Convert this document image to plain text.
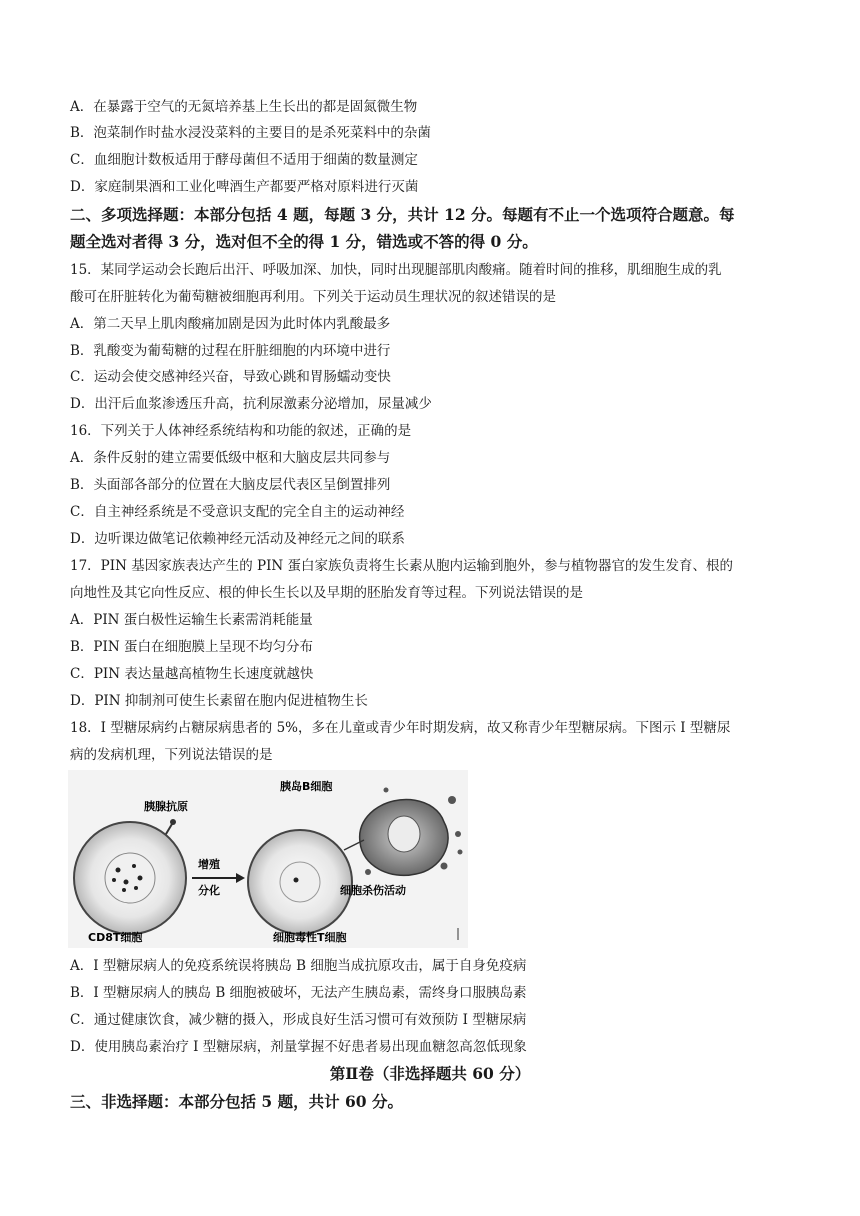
A．在暴露于空气的无氮培养基上生长出的都是固氮微生物
B．泡菜制作时盐水浸没菜料的主要目的是杀死菜料中的杂菌
C．血细胞计数板适用于酵母菌但不适用于细菌的数量测定
D．家庭制果酒和工业化啤酒生产都要严格对原料进行灭菌
二、多项选择题：本部分包括 4 题，每题 3 分，共计 12 分。每题有不止一个选项符合题意。每
题全选对者得 3 分，选对但不全的得 1 分，错选或不答的得 0 分。
15．某同学运动会长跑后出汗、呼吸加深、加快，同时出现腿部肌肉酸痛。随着时间的推移，肌细胞生成的乳
酸可在肝脏转化为葡萄糖被细胞再利用。下列关于运动员生理状况的叙述错误的是
A．第二天早上肌肉酸痛加剧是因为此时体内乳酸最多
B．乳酸变为葡萄糖的过程在肝脏细胞的内环境中进行
C．运动会使交感神经兴奋，导致心跳和胃肠蠕动变快
D．出汗后血浆渗透压升高，抗利尿激素分泌增加，尿量减少
16．下列关于人体神经系统结构和功能的叙述，正确的是
A．条件反射的建立需要低级中枢和大脑皮层共同参与
B．头面部各部分的位置在大脑皮层代表区呈倒置排列
C．自主神经系统是不受意识支配的完全自主的运动神经
D．边听课边做笔记依赖神经元活动及神经元之间的联系
17．PIN 基因家族表达产生的 PIN 蛋白家族负责将生长素从胞内运输到胞外，参与植物器官的发生发育、根的
向地性及其它向性反应、根的伸长生长以及早期的胚胎发育等过程。下列说法错误的是
A．PIN 蛋白极性运输生长素需消耗能量
B．PIN 蛋白在细胞膜上呈现不均匀分布
C．PIN 表达量越高植物生长速度就越快
D．PIN 抑制剂可使生长素留在胞内促进植物生长
18．I 型糖尿病约占糖尿病患者的 5%，多在儿童或青少年时期发病，故又称青少年型糖尿病。下图示 I 型糖尿
病的发病机理，下列说法错误的是
胰腺抗原
CD8T细胞
增殖
分化
细胞毒性T细胞
胰岛B细胞
细胞杀伤活动
A．I 型糖尿病人的免疫系统误将胰岛 B 细胞当成抗原攻击，属于自身免疫病
B．I 型糖尿病人的胰岛 B 细胞被破坏，无法产生胰岛素，需终身口服胰岛素
C．通过健康饮食，减少糖的摄入，形成良好生活习惯可有效预防 I 型糖尿病
D．使用胰岛素治疗 I 型糖尿病，剂量掌握不好患者易出现血糖忽高忽低现象
第Ⅱ卷（非选择题共 60 分）
三、非选择题：本部分包括 5 题，共计 60 分。
